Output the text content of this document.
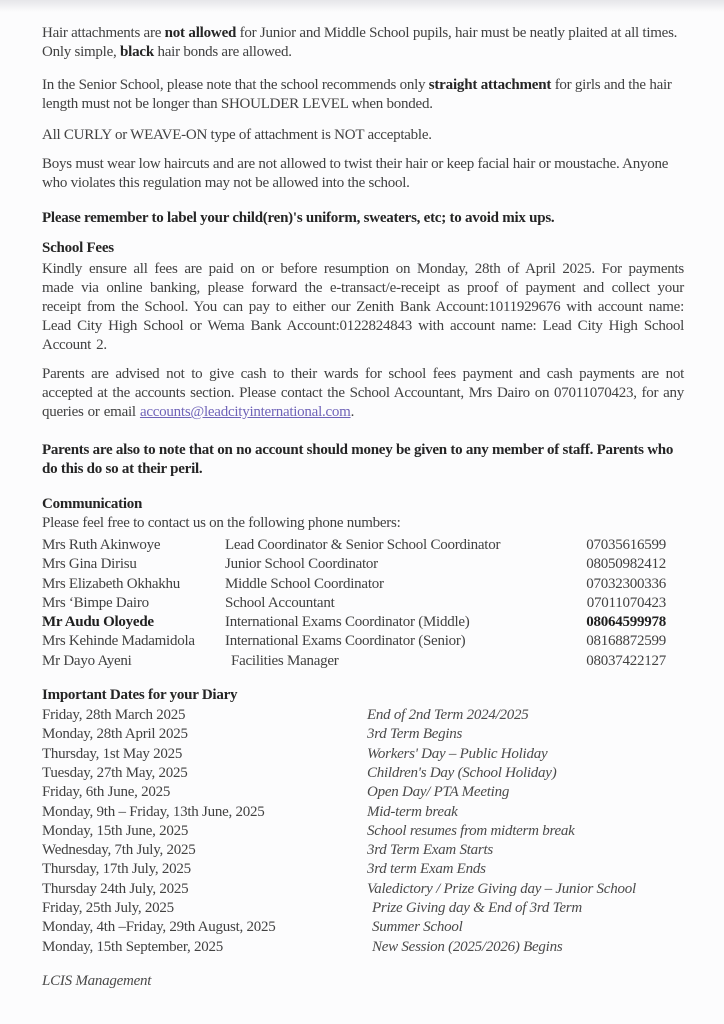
Hair attachments are not allowed for Junior and Middle School pupils, hair must be neatly plaited at all times. Only simple, black hair bonds are allowed.

In the Senior School, please note that the school recommends only straight attachment for girls and the hair length must not be longer than SHOULDER LEVEL when bonded.

All CURLY or WEAVE-ON type of attachment is NOT acceptable.

Boys must wear low haircuts and are not allowed to twist their hair or keep facial hair or moustache. Anyone who violates this regulation may not be allowed into the school.

Please remember to label your child(ren)'s uniform, sweaters, etc; to avoid mix ups.

School Fees

Kindly ensure all fees are paid on or before resumption on Monday, 28th of April 2025. For payments made via online banking, please forward the e-transact/e-receipt as proof of payment and collect your receipt from the School. You can pay to either our Zenith Bank Account:1011929676 with account name: Lead City High School or Wema Bank Account:0122824843 with account name: Lead City High School Account 2.

Parents are advised not to give cash to their wards for school fees payment and cash payments are not accepted at the accounts section. Please contact the School Accountant, Mrs Dairo on 07011070423, for any queries or email accounts@leadcityinternational.com.

Parents are also to note that on no account should money be given to any member of staff. Parents who do this do so at their peril.

Communication

Please feel free to contact us on the following phone numbers:

Mrs Ruth Akinwoye	Lead Coordinator & Senior School Coordinator	07035616599
Mrs Gina Dirisu	Junior School Coordinator	08050982412
Mrs Elizabeth Okhakhu	Middle School Coordinator	07032300336
Mrs ‘Bimpe Dairo	School Accountant	07011070423
Mr Audu Oloyede	International Exams Coordinator (Middle)	08064599978
Mrs Kehinde Madamidola	International Exams Coordinator (Senior)	08168872599
Mr Dayo Ayeni	Facilities Manager	08037422127

Important Dates for your Diary

Friday, 28th March 2025	End of 2nd Term 2024/2025
Monday, 28th April 2025	3rd Term Begins
Thursday, 1st May 2025	Workers' Day – Public Holiday
Tuesday, 27th May, 2025	Children's Day (School Holiday)
Friday, 6th June, 2025	Open Day/ PTA Meeting
Monday, 9th – Friday, 13th June, 2025	Mid-term break
Monday, 15th June, 2025	School resumes from midterm break
Wednesday, 7th July, 2025	3rd Term Exam Starts
Thursday, 17th July, 2025	3rd term Exam Ends
Thursday 24th July, 2025	Valedictory / Prize Giving day – Junior School
Friday, 25th July, 2025	Prize Giving day & End of 3rd Term
Monday, 4th –Friday, 29th August, 2025	Summer School
Monday, 15th September, 2025	New Session (2025/2026) Begins

LCIS Management
